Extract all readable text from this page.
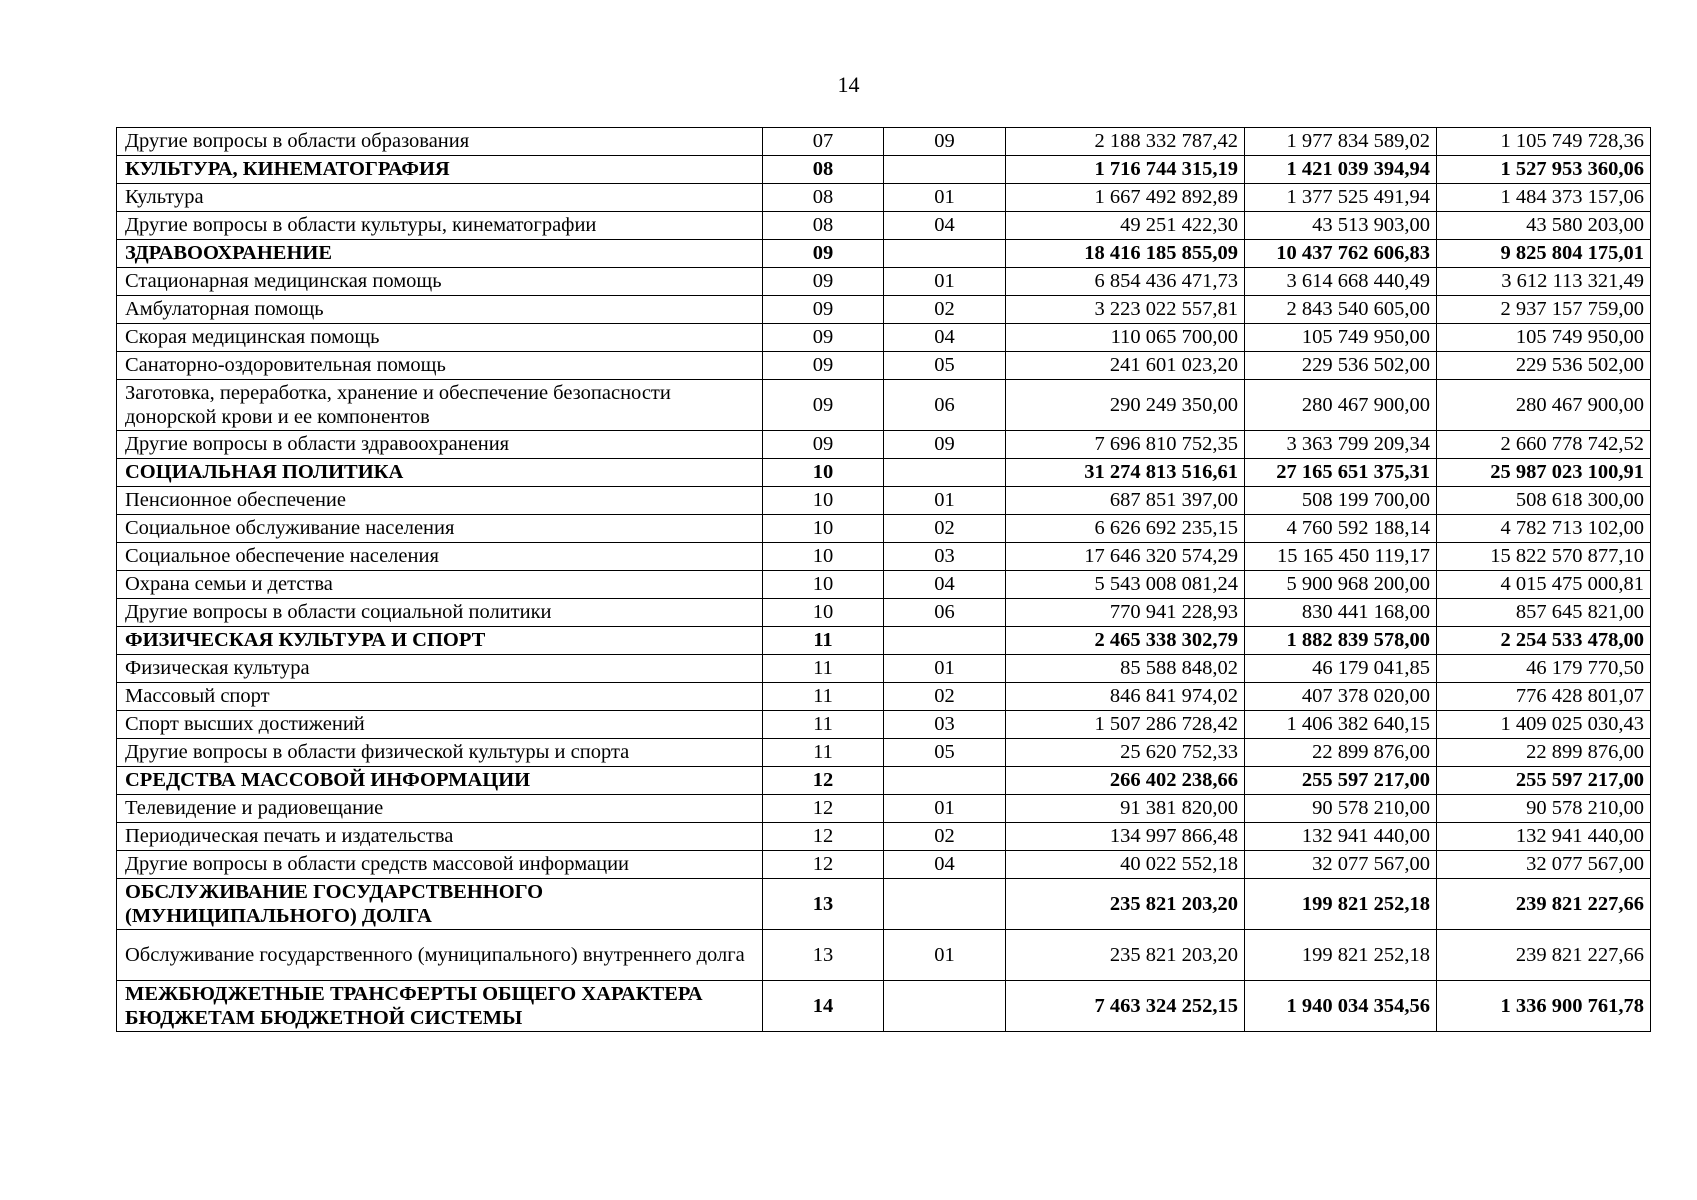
14
Другие вопросы в области образования	07	09	2 188 332 787,42	1 977 834 589,02	1 105 749 728,36
КУЛЬТУРА, КИНЕМАТОГРАФИЯ	08		1 716 744 315,19	1 421 039 394,94	1 527 953 360,06
Культура	08	01	1 667 492 892,89	1 377 525 491,94	1 484 373 157,06
Другие вопросы в области культуры, кинематографии	08	04	49 251 422,30	43 513 903,00	43 580 203,00
ЗДРАВООХРАНЕНИЕ	09		18 416 185 855,09	10 437 762 606,83	9 825 804 175,01
Стационарная медицинская помощь	09	01	6 854 436 471,73	3 614 668 440,49	3 612 113 321,49
Амбулаторная помощь	09	02	3 223 022 557,81	2 843 540 605,00	2 937 157 759,00
Скорая медицинская помощь	09	04	110 065 700,00	105 749 950,00	105 749 950,00
Санаторно-оздоровительная помощь	09	05	241 601 023,20	229 536 502,00	229 536 502,00
Заготовка, переработка, хранение и обеспечение безопасности донорской крови и ее компонентов	09	06	290 249 350,00	280 467 900,00	280 467 900,00
Другие вопросы в области здравоохранения	09	09	7 696 810 752,35	3 363 799 209,34	2 660 778 742,52
СОЦИАЛЬНАЯ ПОЛИТИКА	10		31 274 813 516,61	27 165 651 375,31	25 987 023 100,91
Пенсионное обеспечение	10	01	687 851 397,00	508 199 700,00	508 618 300,00
Социальное обслуживание населения	10	02	6 626 692 235,15	4 760 592 188,14	4 782 713 102,00
Социальное обеспечение населения	10	03	17 646 320 574,29	15 165 450 119,17	15 822 570 877,10
Охрана семьи и детства	10	04	5 543 008 081,24	5 900 968 200,00	4 015 475 000,81
Другие вопросы в области социальной политики	10	06	770 941 228,93	830 441 168,00	857 645 821,00
ФИЗИЧЕСКАЯ КУЛЬТУРА И СПОРТ	11		2 465 338 302,79	1 882 839 578,00	2 254 533 478,00
Физическая культура	11	01	85 588 848,02	46 179 041,85	46 179 770,50
Массовый спорт	11	02	846 841 974,02	407 378 020,00	776 428 801,07
Спорт высших достижений	11	03	1 507 286 728,42	1 406 382 640,15	1 409 025 030,43
Другие вопросы в области физической культуры и спорта	11	05	25 620 752,33	22 899 876,00	22 899 876,00
СРЕДСТВА МАССОВОЙ ИНФОРМАЦИИ	12		266 402 238,66	255 597 217,00	255 597 217,00
Телевидение и радиовещание	12	01	91 381 820,00	90 578 210,00	90 578 210,00
Периодическая печать и издательства	12	02	134 997 866,48	132 941 440,00	132 941 440,00
Другие вопросы в области средств массовой информации	12	04	40 022 552,18	32 077 567,00	32 077 567,00
ОБСЛУЖИВАНИЕ ГОСУДАРСТВЕННОГО (МУНИЦИПАЛЬНОГО) ДОЛГА	13		235 821 203,20	199 821 252,18	239 821 227,66
Обслуживание государственного (муниципального) внутреннего долга	13	01	235 821 203,20	199 821 252,18	239 821 227,66
МЕЖБЮДЖЕТНЫЕ ТРАНСФЕРТЫ ОБЩЕГО ХАРАКТЕРА БЮДЖЕТАМ БЮДЖЕТНОЙ СИСТЕМЫ	14		7 463 324 252,15	1 940 034 354,56	1 336 900 761,78
